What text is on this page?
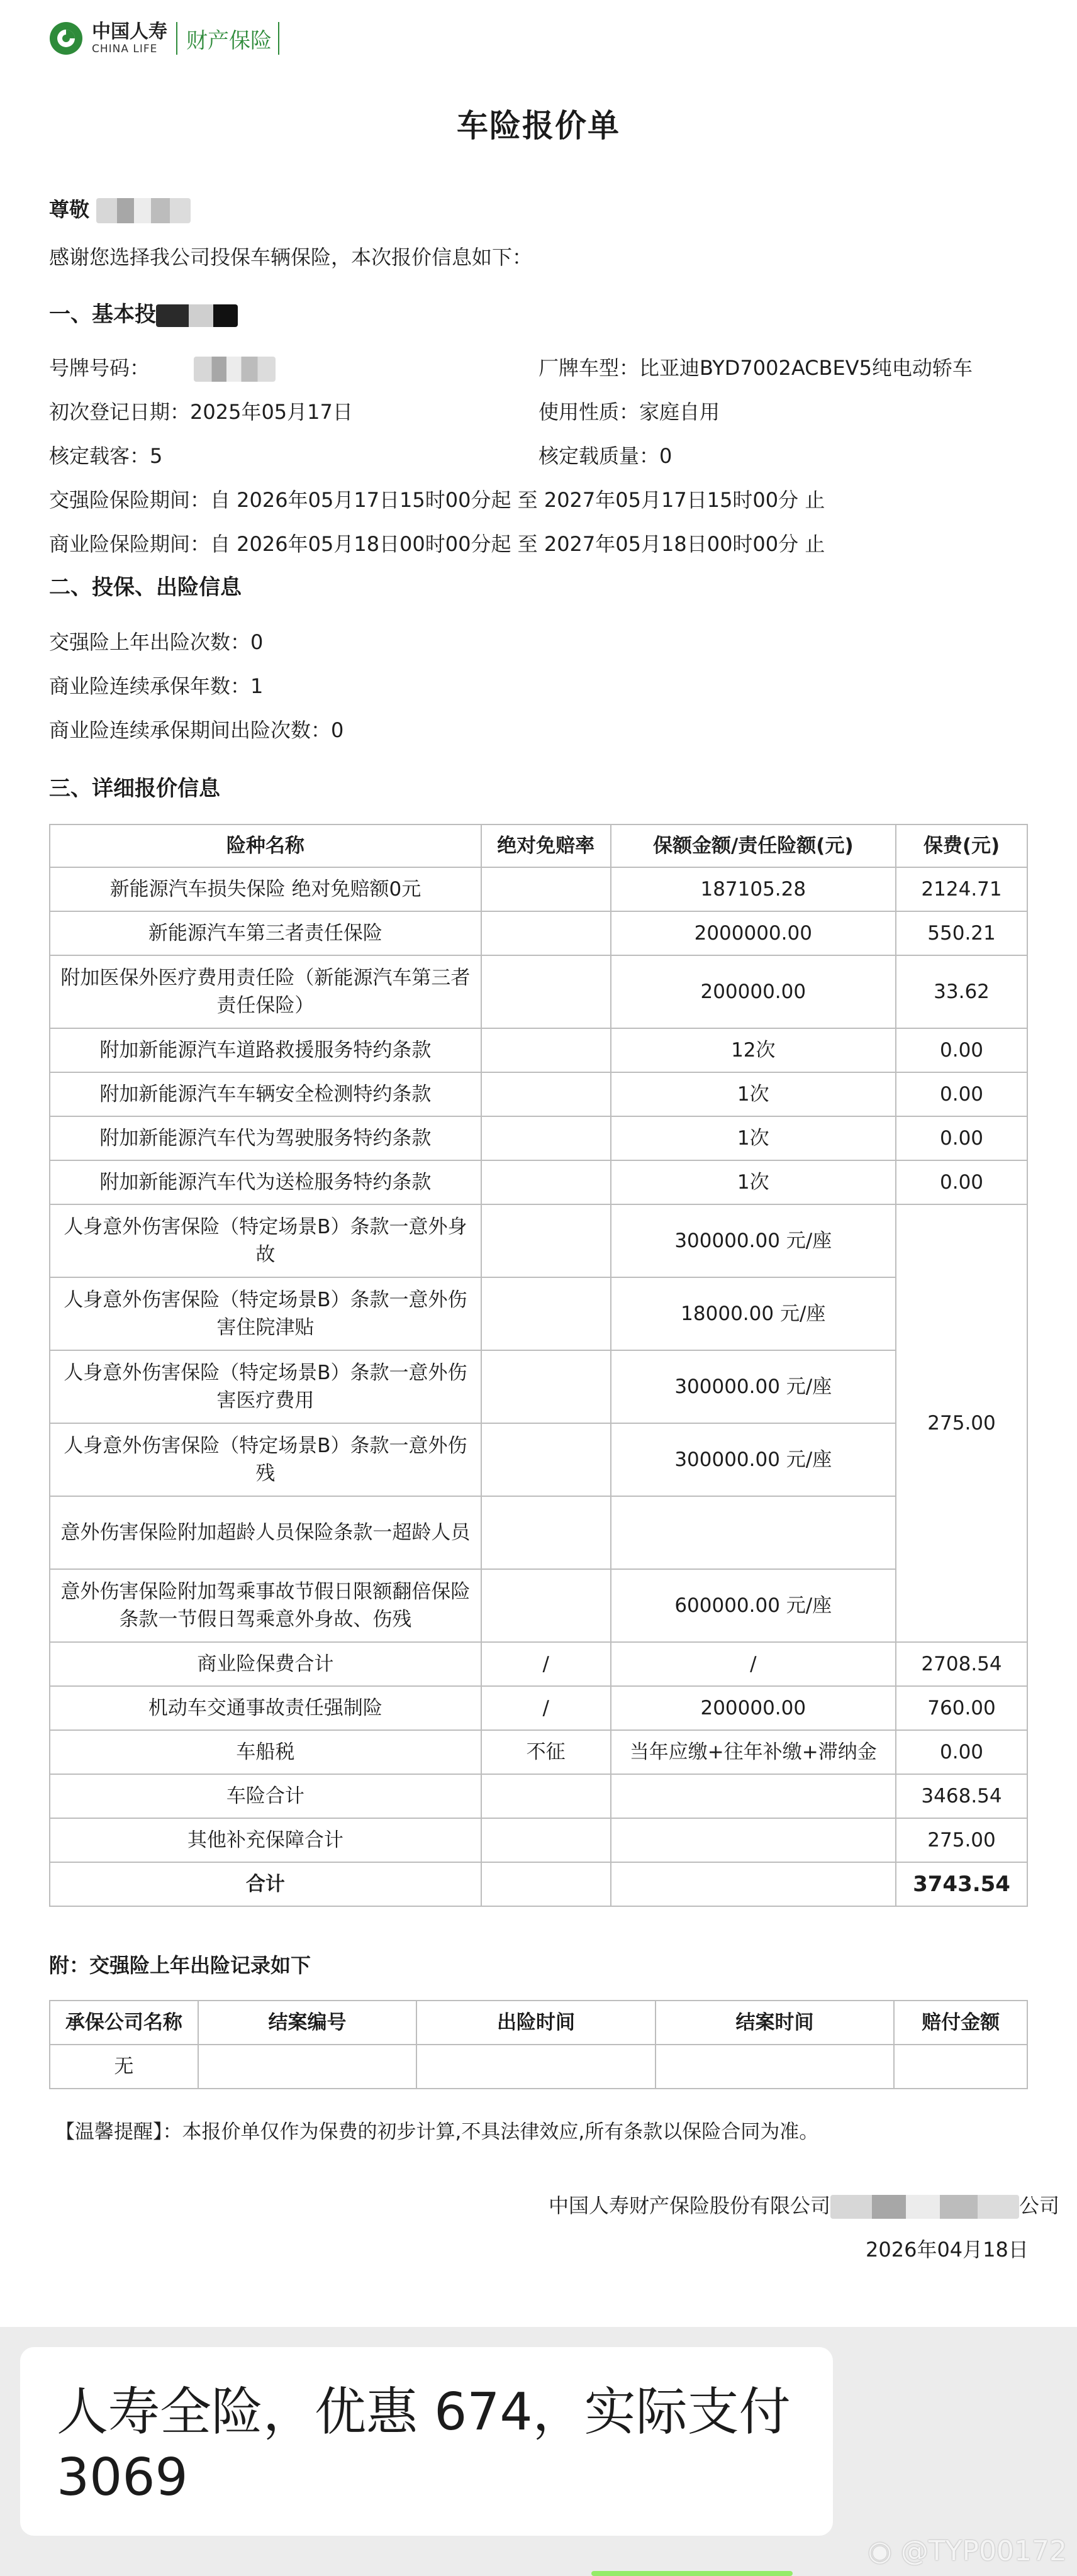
中国人寿
CHINA LIFE	财产保险
车险报价单
尊敬
感谢您选择我公司投保车辆保险，本次报价信息如下：
一、基本投
号牌号码：	厂牌车型：比亚迪BYD7002ACBEV5纯电动轿车
初次登记日期：2025年05月17日	使用性质：家庭自用
核定载客：5	核定载质量：0
交强险保险期间：自 2026年05月17日15时00分起 至 2027年05月17日15时00分 止
商业险保险期间：自 2026年05月18日00时00分起 至 2027年05月18日00时00分 止
二、投保、出险信息
交强险上年出险次数：0
商业险连续承保年数：1
商业险连续承保期间出险次数：0
三、详细报价信息
险种名称	绝对免赔率	保额金额/责任险额(元)	保费(元)
新能源汽车损失保险 绝对免赔额0元		187105.28	2124.71
新能源汽车第三者责任保险		2000000.00	550.21
附加医保外医疗费用责任险（新能源汽车第三者责任保险）		200000.00	33.62
附加新能源汽车道路救援服务特约条款		12次	0.00
附加新能源汽车车辆安全检测特约条款		1次	0.00
附加新能源汽车代为驾驶服务特约条款		1次	0.00
附加新能源汽车代为送检服务特约条款		1次	0.00
人身意外伤害保险（特定场景B）条款一意外身故		300000.00 元/座	275.00
人身意外伤害保险（特定场景B）条款一意外伤害住院津贴		18000.00 元/座	
人身意外伤害保险（特定场景B）条款一意外伤害医疗费用		300000.00 元/座	
人身意外伤害保险（特定场景B）条款一意外伤残		300000.00 元/座	
意外伤害保险附加超龄人员保险条款一超龄人员			
意外伤害保险附加驾乘事故节假日限额翻倍保险条款一节假日驾乘意外身故、伤残		600000.00 元/座	
商业险保费合计	/	/	2708.54
机动车交通事故责任强制险	/	200000.00	760.00
车船税	不征	当年应缴+往年补缴+滞纳金	0.00
车险合计			3468.54
其他补充保障合计			275.00
合计			3743.54
附：交强险上年出险记录如下
承保公司名称	结案编号	出险时间	结案时间	赔付金额
无				
【温馨提醒】：本报价单仅作为保费的初步计算,不具法律效应,所有条款以保险合同为准。
中国人寿财产保险股份有限公司	公司
2026年04月18日
人寿全险，优惠 674，实际支付 3069
◉ @TYP00172
